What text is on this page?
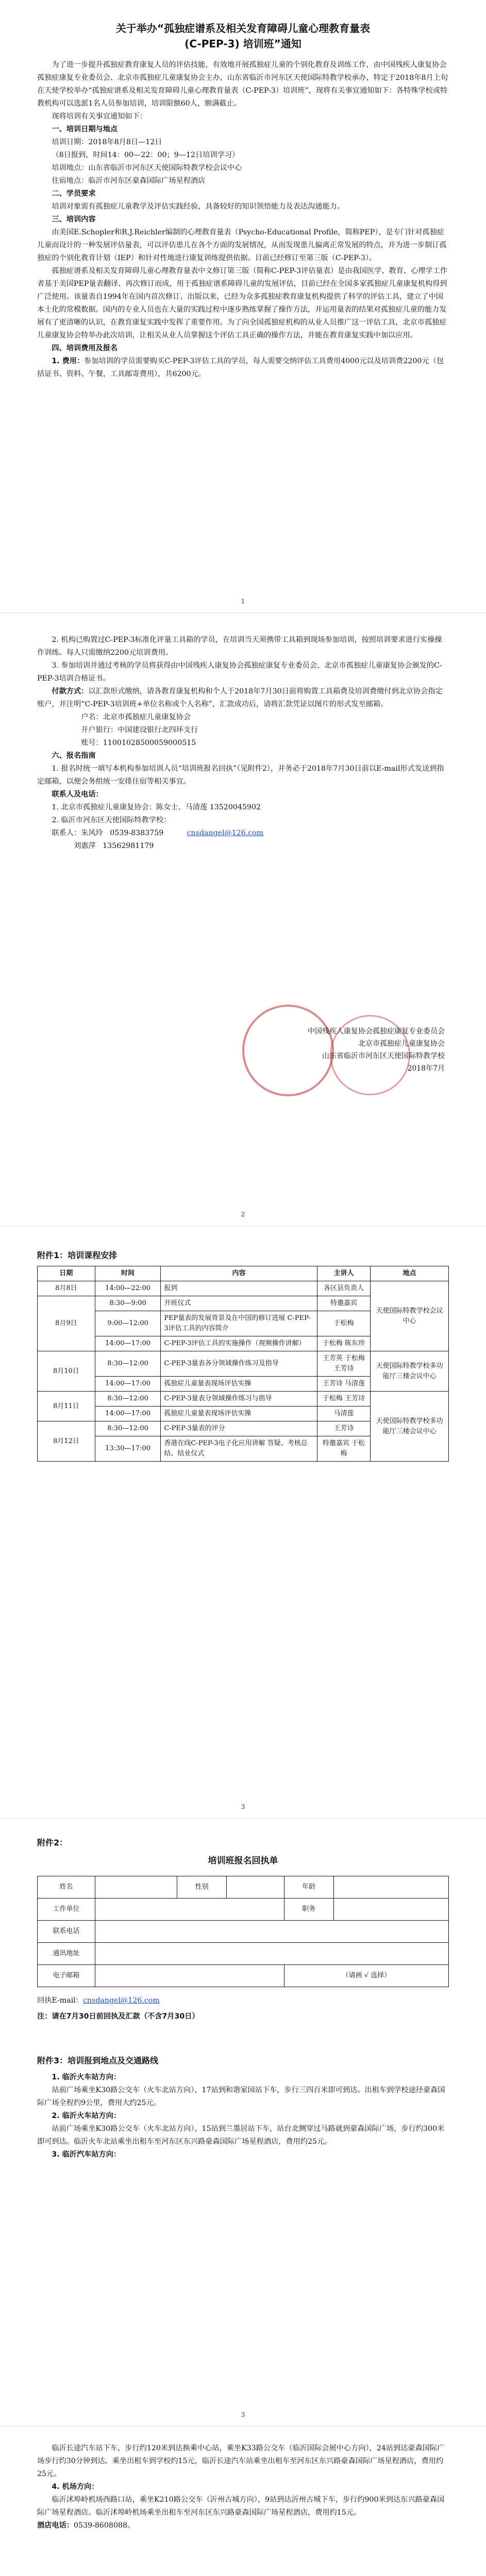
关于举办“孤独症谱系及相关发育障碍儿童心理教育量表
(C-PEP-3) 培训班”通知

为了进一步提升孤独症教育康复人员的评估技能，有效地开展孤独症儿童的个别化教育及训练工作，由中国残疾人康复协会孤独症康复专业委员会、北京市孤独症儿童康复协会主办，山东省临沂市河东区天使国际特教学校承办，特定于2018年8月上旬在天使学校举办“孤独症谱系及相关发育障碍儿童心理教育量表（C-PEP-3）培训班”，现将有关事宜通知如下：各特殊学校或特教机构可以选派1名人员参加培训，培训限额60人，额满截止。

现将培训有关事宜通知如下：

一、培训日期与地点

培训日期：2018年8月8日—12日

（8日报到，时间14：00—22：00；9—12日培训学习）

培训地点：山东省临沂市河东区天使国际特教学校会议中心

住宿地点：临沂市河东区豪森国际广场星程酒店

二、学员要求

培训对象需有孤独症儿童教学及评估实践经验，具备较好的知识领悟能力及表达沟通能力。

三、培训内容

由美国E.Schopler和R.J.Reichler编制的心理教育量表（Psycho-Educational Profile，简称PEP），是专门针对孤独症儿童而设计的一种发展评估量表，可以评估患儿在各个方面的发展情况，从而发现患儿偏离正常发展的特点，并为进一步制订孤独症的个别化教育计划（IEP）和针对性地进行康复训练提供依据。目前已经修订至第三版（C-PEP-3）。

孤独症谱系及相关发育障碍儿童心理教育量表中文修订第三版（简称C-PEP-3评估量表）是由我国医学、教育、心理学工作者基于美国PEP量表翻译、再次修订而成，用于孤独症谱系障碍儿童的发展评估，目前已经在全国多家孤独症儿童康复机构得到广泛使用。该量表自1994年在国内首次修订、出版以来，已经为众多孤独症教育康复机构提供了科学的评估工具，建立了中国本土化的常模数据。国内的专业人员也在大量的实践过程中逐步熟练掌握了操作方法，并运用量表的结果对孤独症儿童的能力发展有了更清晰的认识，在教育康复实践中发挥了重要作用。为了向全国孤独症机构的从业人员推广这一评估工具，北京市孤独症儿童康复协会特举办此次培训，让相关从业人员掌握这个评估工具正确的操作方法，并能在教育康复实践中加以应用。

四、培训费用及报名

1. 费用：参加培训的学员需要购买C-PEP-3评估工具的学员，每人需要交纳评估工具费用4000元以及培训费2200元（包括证书、资料、午餐，工具邮寄费用），共6200元。

1

2. 机构已购置过C-PEP-3标准化评量工具箱的学员，在培训当天须携带工具箱到现场参加培训，按照培训要求进行实操操作训练。每人只需缴纳2200元培训费用。

3. 参加培训并通过考核的学员将获得由中国残疾人康复协会孤独症康复专业委员会、北京市孤独症儿童康复协会颁发的C-PEP-3培训合格证书。

付款方式：以汇款形式缴纳，请各教育康复机构和个人于2018年7月30日前将购置工具箱费及培训费缴付到北京协会指定账户，并注明“C-PEP-3培训班+单位名称或个人名称”，汇款成功后，请将汇款凭证以图片的形式发至邮箱。

户名：北京市孤独症儿童康复协会

开户银行：中国建设银行北四环支行

账号：11001028500059000515

六、报名指南

1. 报名时统一填写本机构参加培训人员“培训班报名回执”（见附件2），并务必于2018年7月30日前以E-mail形式发送到指定邮箱，以便会务组统一安排住宿等相关事宜。

联系人及电话：

1. 北京市孤独症儿童康复协会：陈女士、马清莲 13520045902

2. 临沂市河东区天使国际特教学校：

联系人：朱风玲 0539-8383759	cnsdangel@126.com

刘惠萍 13562981179

中国残疾人康复协会孤独症康复专业委员会
北京市孤独症儿童康复协会
山东省临沂市河东区天使国际特教学校
2018年7月
2
附件1：培训课程安排
日期	时间	内容	主讲人	地点
8月8日	14:00—22:00	报到	各区县负责人	天使国际特教学校会议中心
8月9日	8:30—9:00	开班仪式	特邀嘉宾	
	9:00—12:00	PEP量表的发展背景及在中国的修订进展 C-PEP-3评估工具的内容简介	于松梅	
	14:00—17:00	C-PEP-3评估工具的实施操作（视频操作讲解）	于松梅 陈东珍	
8月10日	8:30—12:00	C-PEP-3量表各分领域操作练习及指导	王芳英 于松梅 王芳诗	天使国际特教学校多功能厅三楼会议中心
	14:00—17:00	孤独症儿童量表现场评估实操	王芳诗 马清莲	
8月11日	8:30—12:00	C-PEP-3量表分领域操作练习与指导	于松梅 王芳诗	天使国际特教学校多功能厅三楼会议中心
	14:00—17:00	孤独症儿童量表现场评估实操	马清莲	
8月12日	8:30—12:00	C-PEP-3量表的评分	王芳诗	
	13:30—17:00	香港在线C-PEP-3电子化应用讲解 答疑、考核总结、结业仪式	特邀嘉宾 于松梅	
3
附件2：
培训班报名回执单
姓名		性别		年龄	
工作单位				职务	
联系电话					
通讯地址					
电子邮箱				（请画 √ 选择）	

回执E-mail：cnsdangel@126.com

注：请在7月30日前回执及汇款（不含7月30日）

附件3：培训报到地点及交通路线

1. 临沂火车站方向：

站前广场乘坐K30路公交车（火车北站方向），17站到和谐家园站下车，步行三四百米即可到达。出租车到学校途径豪森国际广场全程约9公里，费用大约25元。

2. 临沂火车站方向：

站前广场乘坐K30路公交车（火车北站方向），15站到兰墨居站下车，站台北侧穿过马路就到豪森国际广场，步行约300米即可到达。临沂火车北站乘坐出租车至河东区东兴路豪森国际广场星程酒店，费用约25元。

3. 临沂汽车站方向：

3

临沂长途汽车站下车，步行约120米到达换乘中心站，乘坐K33路公交车（临沂国际会展中心方向），24站到达豪森国际广场步行约30分钟到达。乘坐出租车到学校约15元，临沂长途汽车站乘坐出租车至河东区东兴路豪森国际广场星程酒店，费用约25元。

4. 机场方向：

临沂沭埠岭机场西路口站，乘坐K210路公交车（沂州古城方向），9站到达沂州古城下车，步行约900米到达东兴路豪森国际广场星程酒店。临沂沭埠岭机场乘坐出租车至河东区东兴路豪森国际广场星程酒店，费用约15元。

酒店电话：0539-8608088。
